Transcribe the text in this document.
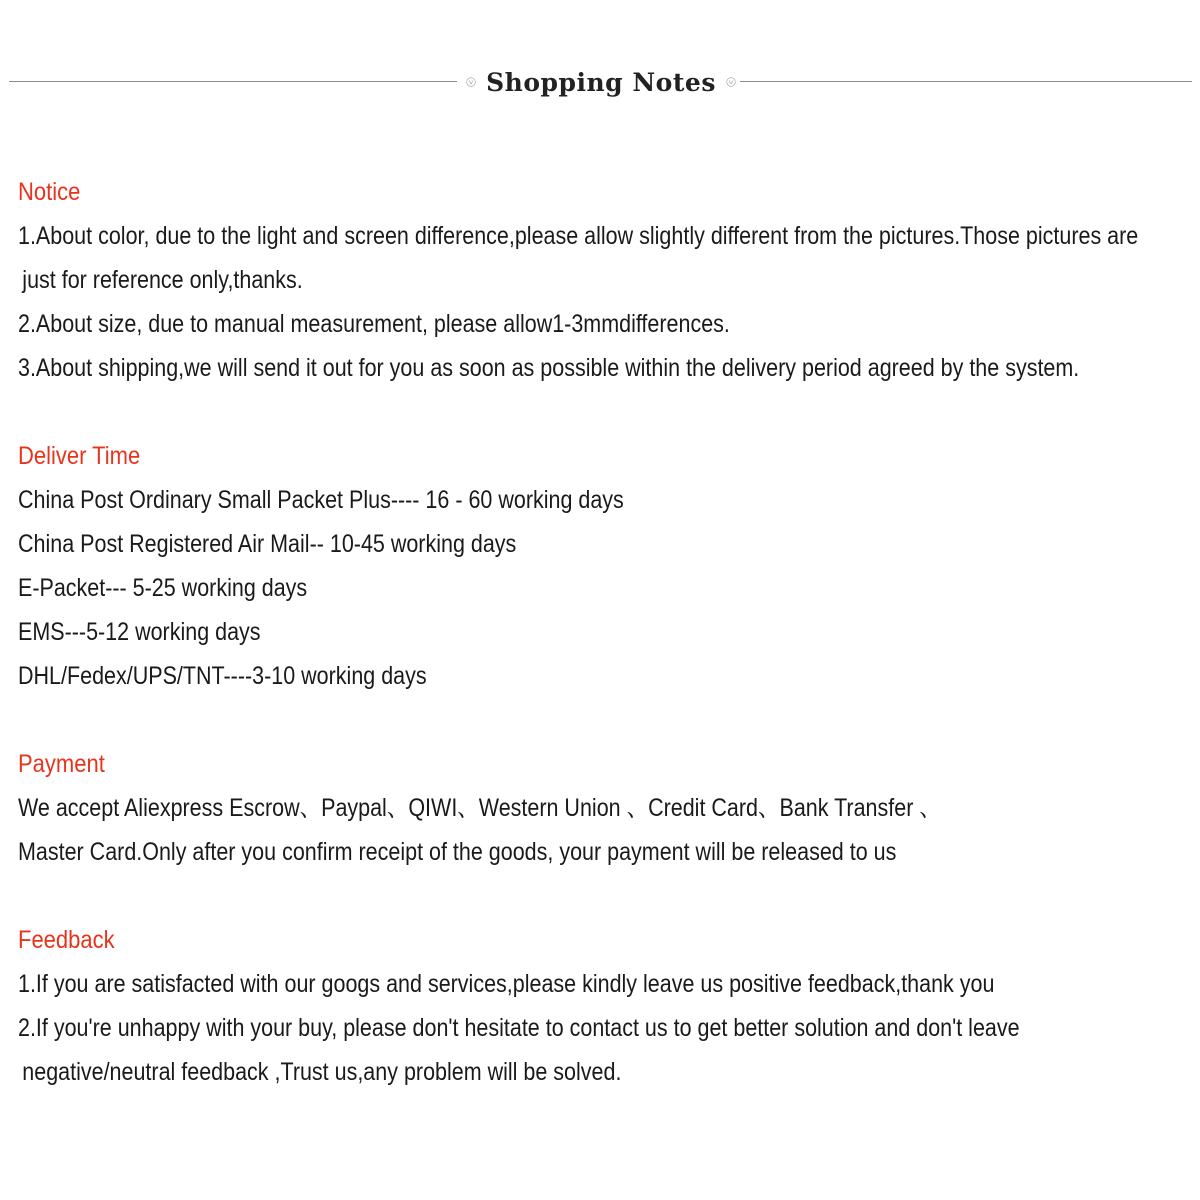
Shopping Notes
Notice
1.About color, due to the light and screen difference,please allow slightly different from the pictures.Those pictures are
just for reference only,thanks.
2.About size, due to manual measurement, please allow1-3mmdifferences.
3.About shipping,we will send it out for you as soon as possible within the delivery period agreed by the system.
Deliver Time
China Post Ordinary Small Packet Plus---- 16 - 60 working days
China Post Registered Air Mail-- 10-45 working days
E-Packet--- 5-25 working days
EMS---5-12 working days
DHL/Fedex/UPS/TNT----3-10 working days
Payment
We accept Aliexpress Escrow、Paypal、QIWI、Western Union 、Credit Card、Bank Transfer 、
Master Card.Only after you confirm receipt of the goods, your payment will be released to us
Feedback
1.If you are satisfacted with our googs and services,please kindly leave us positive feedback,thank you
2.If you're unhappy with your buy, please don't hesitate to contact us to get better solution and don't leave
negative/neutral feedback ,Trust us,any problem will be solved.
